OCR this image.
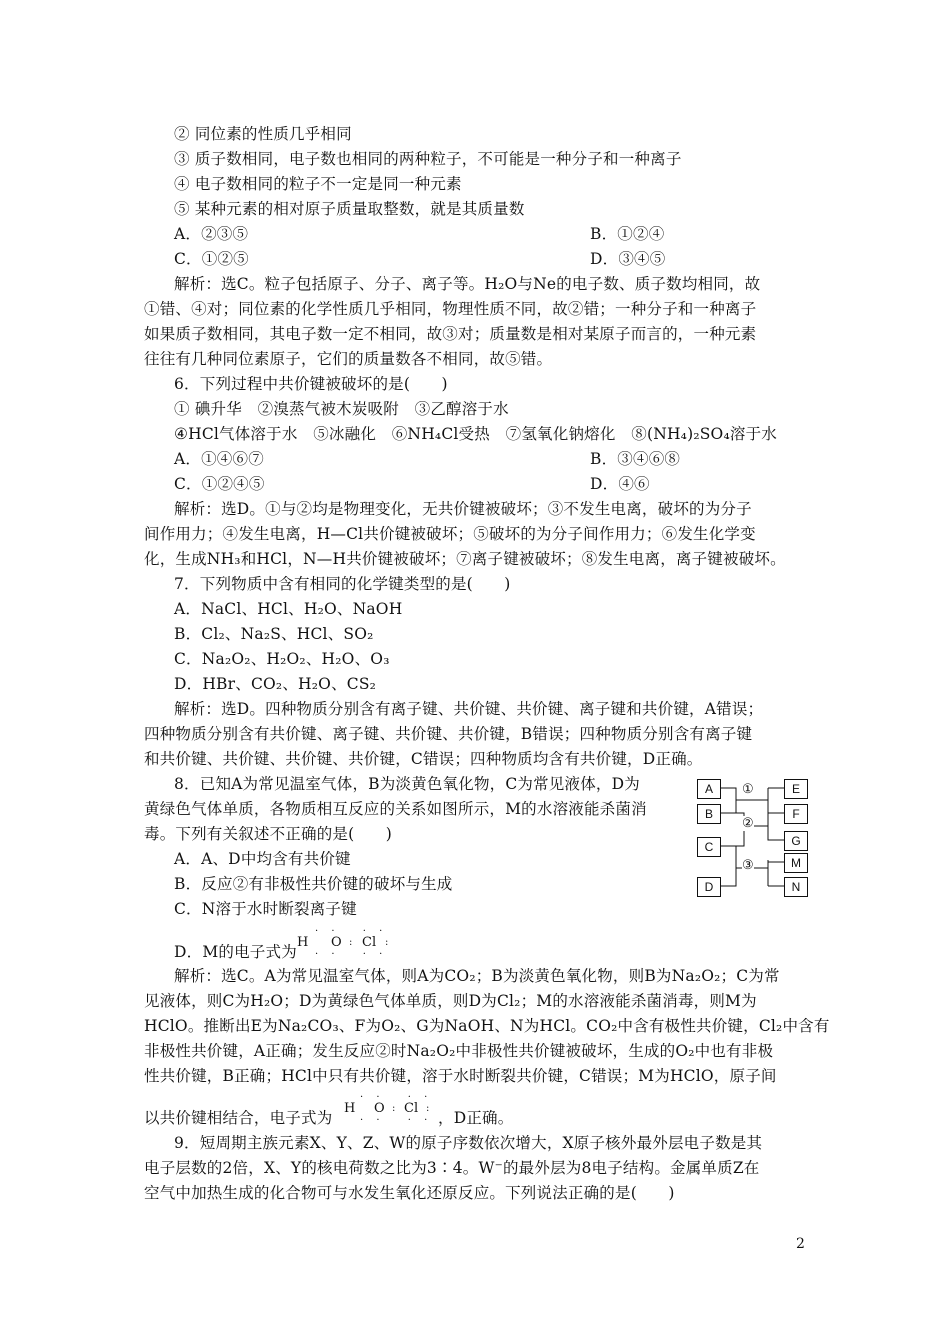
② 同位素的性质几乎相同
③ 质子数相同，电子数也相同的两种粒子，不可能是一种分子和一种离子
④ 电子数相同的粒子不一定是同一种元素
⑤ 某种元素的相对原子质量取整数，就是其质量数
A．②③⑤	B．①②④
C．①②⑤	D．③④⑤
解析：选C。粒子包括原子、分子、离子等。H₂O与Ne的电子数、质子数均相同，故
①错、④对；同位素的化学性质几乎相同，物理性质不同，故②错；一种分子和一种离子
如果质子数相同，其电子数一定不相同，故③对；质量数是相对某原子而言的，一种元素
往往有几种同位素原子，它们的质量数各不相同，故⑤错。
6．下列过程中共价键被破坏的是(　　)
① 碘升华　②溴蒸气被木炭吸附　③乙醇溶于水
④HCl气体溶于水　⑤冰融化　⑥NH₄Cl受热　⑦氢氧化钠熔化　⑧(NH₄)₂SO₄溶于水
A．①④⑥⑦	B．③④⑥⑧
C．①②④⑤	D．④⑥
解析：选D。①与②均是物理变化，无共价键被破坏；③不发生电离，破坏的为分子
间作用力；④发生电离，H—Cl共价键被破坏；⑤破坏的为分子间作用力；⑥发生化学变
化，生成NH₃和HCl，N—H共价键被破坏；⑦离子键被破坏；⑧发生电离，离子键被破坏。
7．下列物质中含有相同的化学键类型的是(　　)
A．NaCl、HCl、H₂O、NaOH
B．Cl₂、Na₂S、HCl、SO₂
C．Na₂O₂、H₂O₂、H₂O、O₃
D．HBr、CO₂、H₂O、CS₂
解析：选D。四种物质分别含有离子键、共价键、共价键、离子键和共价键，A错误；
四种物质分别含有共价键、离子键、共价键、共价键，B错误；四种物质分别含有离子键
和共价键、共价键、共价键、共价键，C错误；四种物质均含有共价键，D正确。
8．已知A为常见温室气体，B为淡黄色氧化物，C为常见液体，D为
黄绿色气体单质，各物质相互反应的关系如图所示，M的水溶液能杀菌消
毒。下列有关叙述不正确的是(　　)
A．A、D中均含有共价键
B．反应②有非极性共价键的破坏与生成
C．N溶于水时断裂离子键
D．M的电子式为
H
· ·　 · ·
O : Cl :
· ·　 · ·
A
B
C
D
E
F
G
M
N
①
②
③
解析：选C。A为常见温室气体，则A为CO₂；B为淡黄色氧化物，则B为Na₂O₂；C为常
见液体，则C为H₂O；D为黄绿色气体单质，则D为Cl₂；M的水溶液能杀菌消毒，则M为
HClO。推断出E为Na₂CO₃、F为O₂、G为NaOH、N为HCl。CO₂中含有极性共价键，Cl₂中含有
非极性共价键，A正确；发生反应②时Na₂O₂中非极性共价键被破坏，生成的O₂中也有非极
性共价键，B正确；HCl中只有共价键，溶于水时断裂共价键，C错误；M为HClO，原子间
以共价键相结合，电子式为
H
· ·　 · ·
O : Cl :
· ·　 · · ，D正确。
9．短周期主族元素X、Y、Z、W的原子序数依次增大，X原子核外最外层电子数是其
电子层数的2倍，X、Y的核电荷数之比为3∶4。W⁻的最外层为8电子结构。金属单质Z在
空气中加热生成的化合物可与水发生氧化还原反应。下列说法正确的是(　　)
2
